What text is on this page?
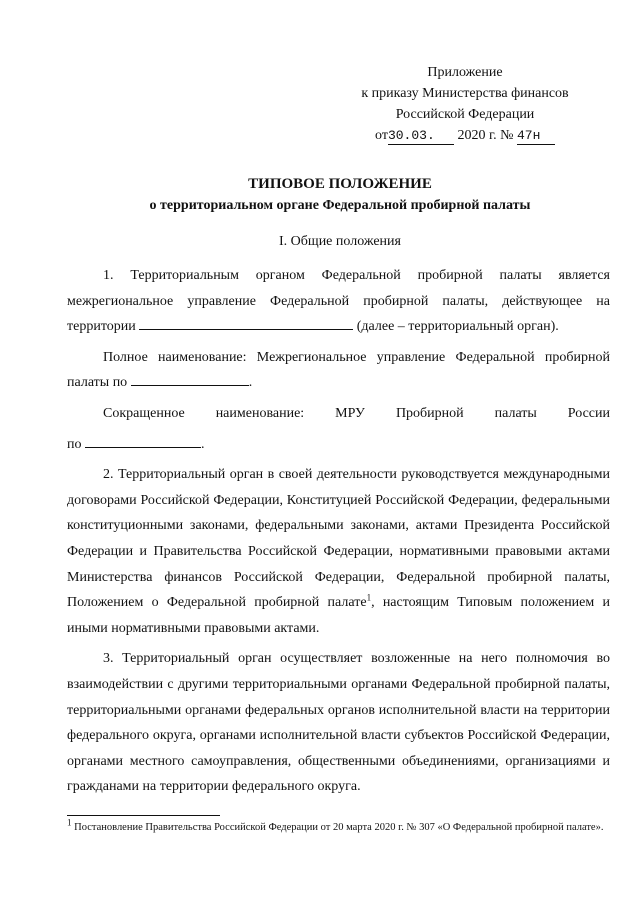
Приложение
к приказу Министерства финансов
Российской Федерации
от30.03. 2020 г. № 47н
ТИПОВОЕ ПОЛОЖЕНИЕ
о территориальном органе Федеральной пробирной палаты
I. Общие положения

1. Территориальным органом Федеральной пробирной палаты является межрегиональное управление Федеральной пробирной палаты, действующее на территории	(далее – территориальный орган).

Полное наименование: Межрегиональное управление Федеральной пробирной палаты по	.

Сокращенное наименование: МРУ Пробирной палаты России

по	.

2. Территориальный орган в своей деятельности руководствуется международными договорами Российской Федерации, Конституцией Российской Федерации, федеральными конституционными законами, федеральными законами, актами Президента Российской Федерации и Правительства Российской Федерации, нормативными правовыми актами Министерства финансов Российской Федерации, Федеральной пробирной палаты, Положением о Федеральной пробирной палате$^1$, настоящим Типовым положением и иными нормативными правовыми актами.

3. Территориальный орган осуществляет возложенные на него полномочия во взаимодействии с другими территориальными органами Федеральной пробирной палаты, территориальными органами федеральных органов исполнительной власти на территории федерального округа, органами исполнительной власти субъектов Российской Федерации, органами местного самоуправления, общественными объединениями, организациями и гражданами на территории федерального округа.

$^1$ Постановление Правительства Российской Федерации от 20 марта 2020 г. № 307 «О Федеральной пробирной палате».
